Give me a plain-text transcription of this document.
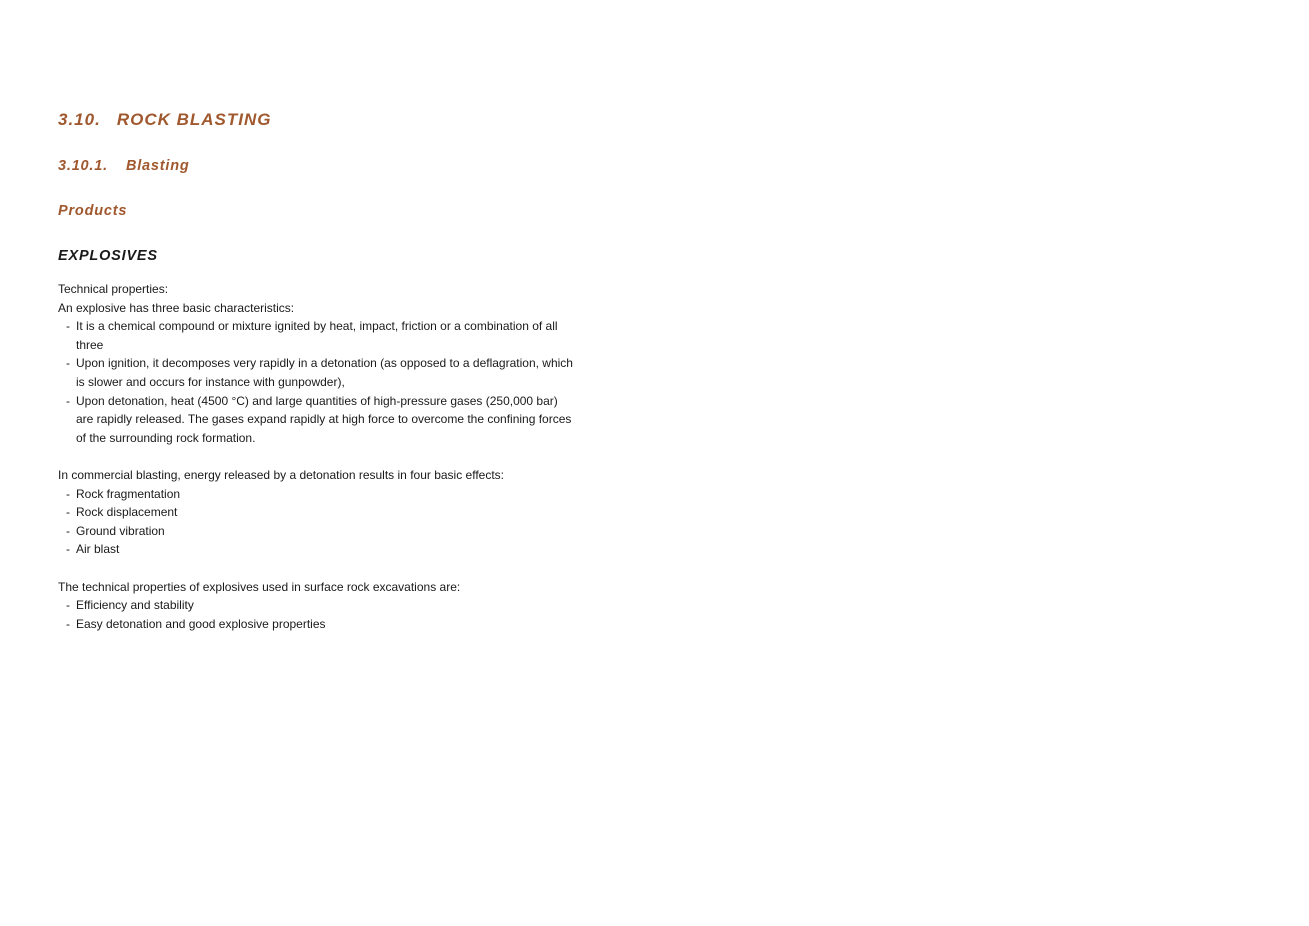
3.10. ROCK BLASTING
3.10.1. Blasting
Products
EXPLOSIVES

Technical properties:

An explosive has three basic characteristics:

- It is a chemical compound or mixture ignited by heat, impact, friction or a combination of all three
- Upon ignition, it decomposes very rapidly in a detonation (as opposed to a deflagration, which is slower and occurs for instance with gunpowder),
- Upon detonation, heat (4500 °C) and large quantities of high-pressure gases (250,000 bar) are rapidly released. The gases expand rapidly at high force to overcome the confining forces of the surrounding rock formation.

In commercial blasting, energy released by a detonation results in four basic effects:

- Rock fragmentation
- Rock displacement
- Ground vibration
- Air blast

The technical properties of explosives used in surface rock excavations are:

- Efficiency and stability
- Easy detonation and good explosive properties
